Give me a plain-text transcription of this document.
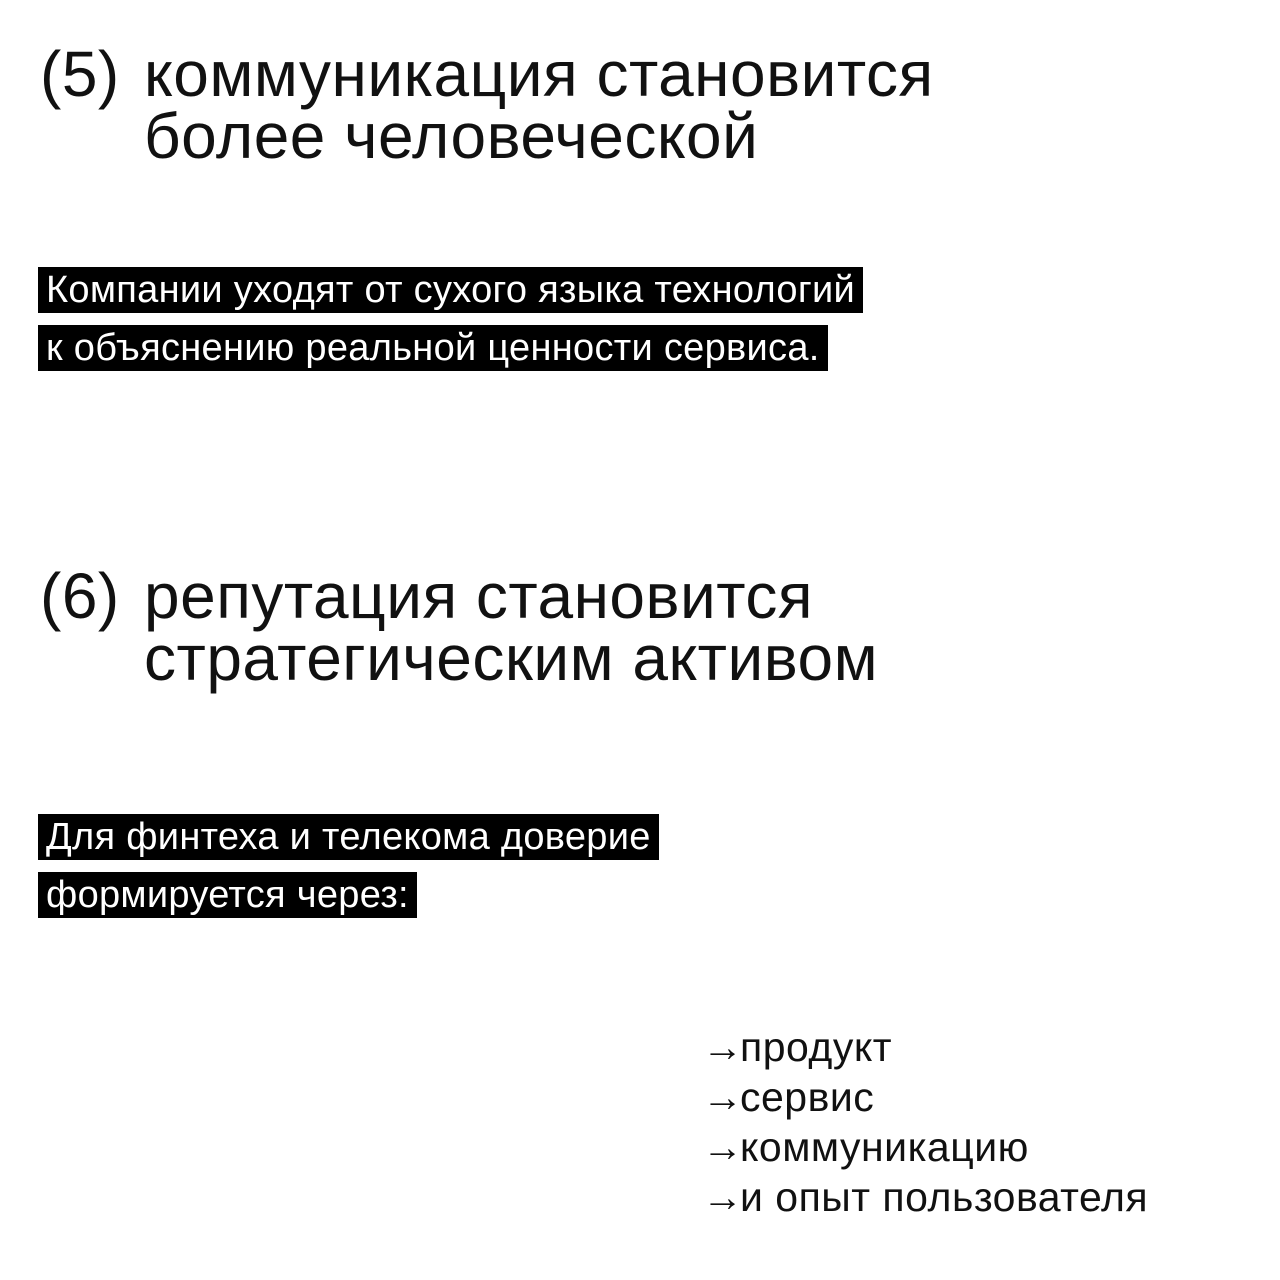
(5) коммуникация становится
более человеческой
Компании уходят от сухого языка технологий
к объяснению реальной ценности сервиса.
(6) репутация становится
стратегическим активом
Для финтеха и телекома доверие
формируется через:
→продукт
→сервис
→коммуникацию
→и опыт пользователя
